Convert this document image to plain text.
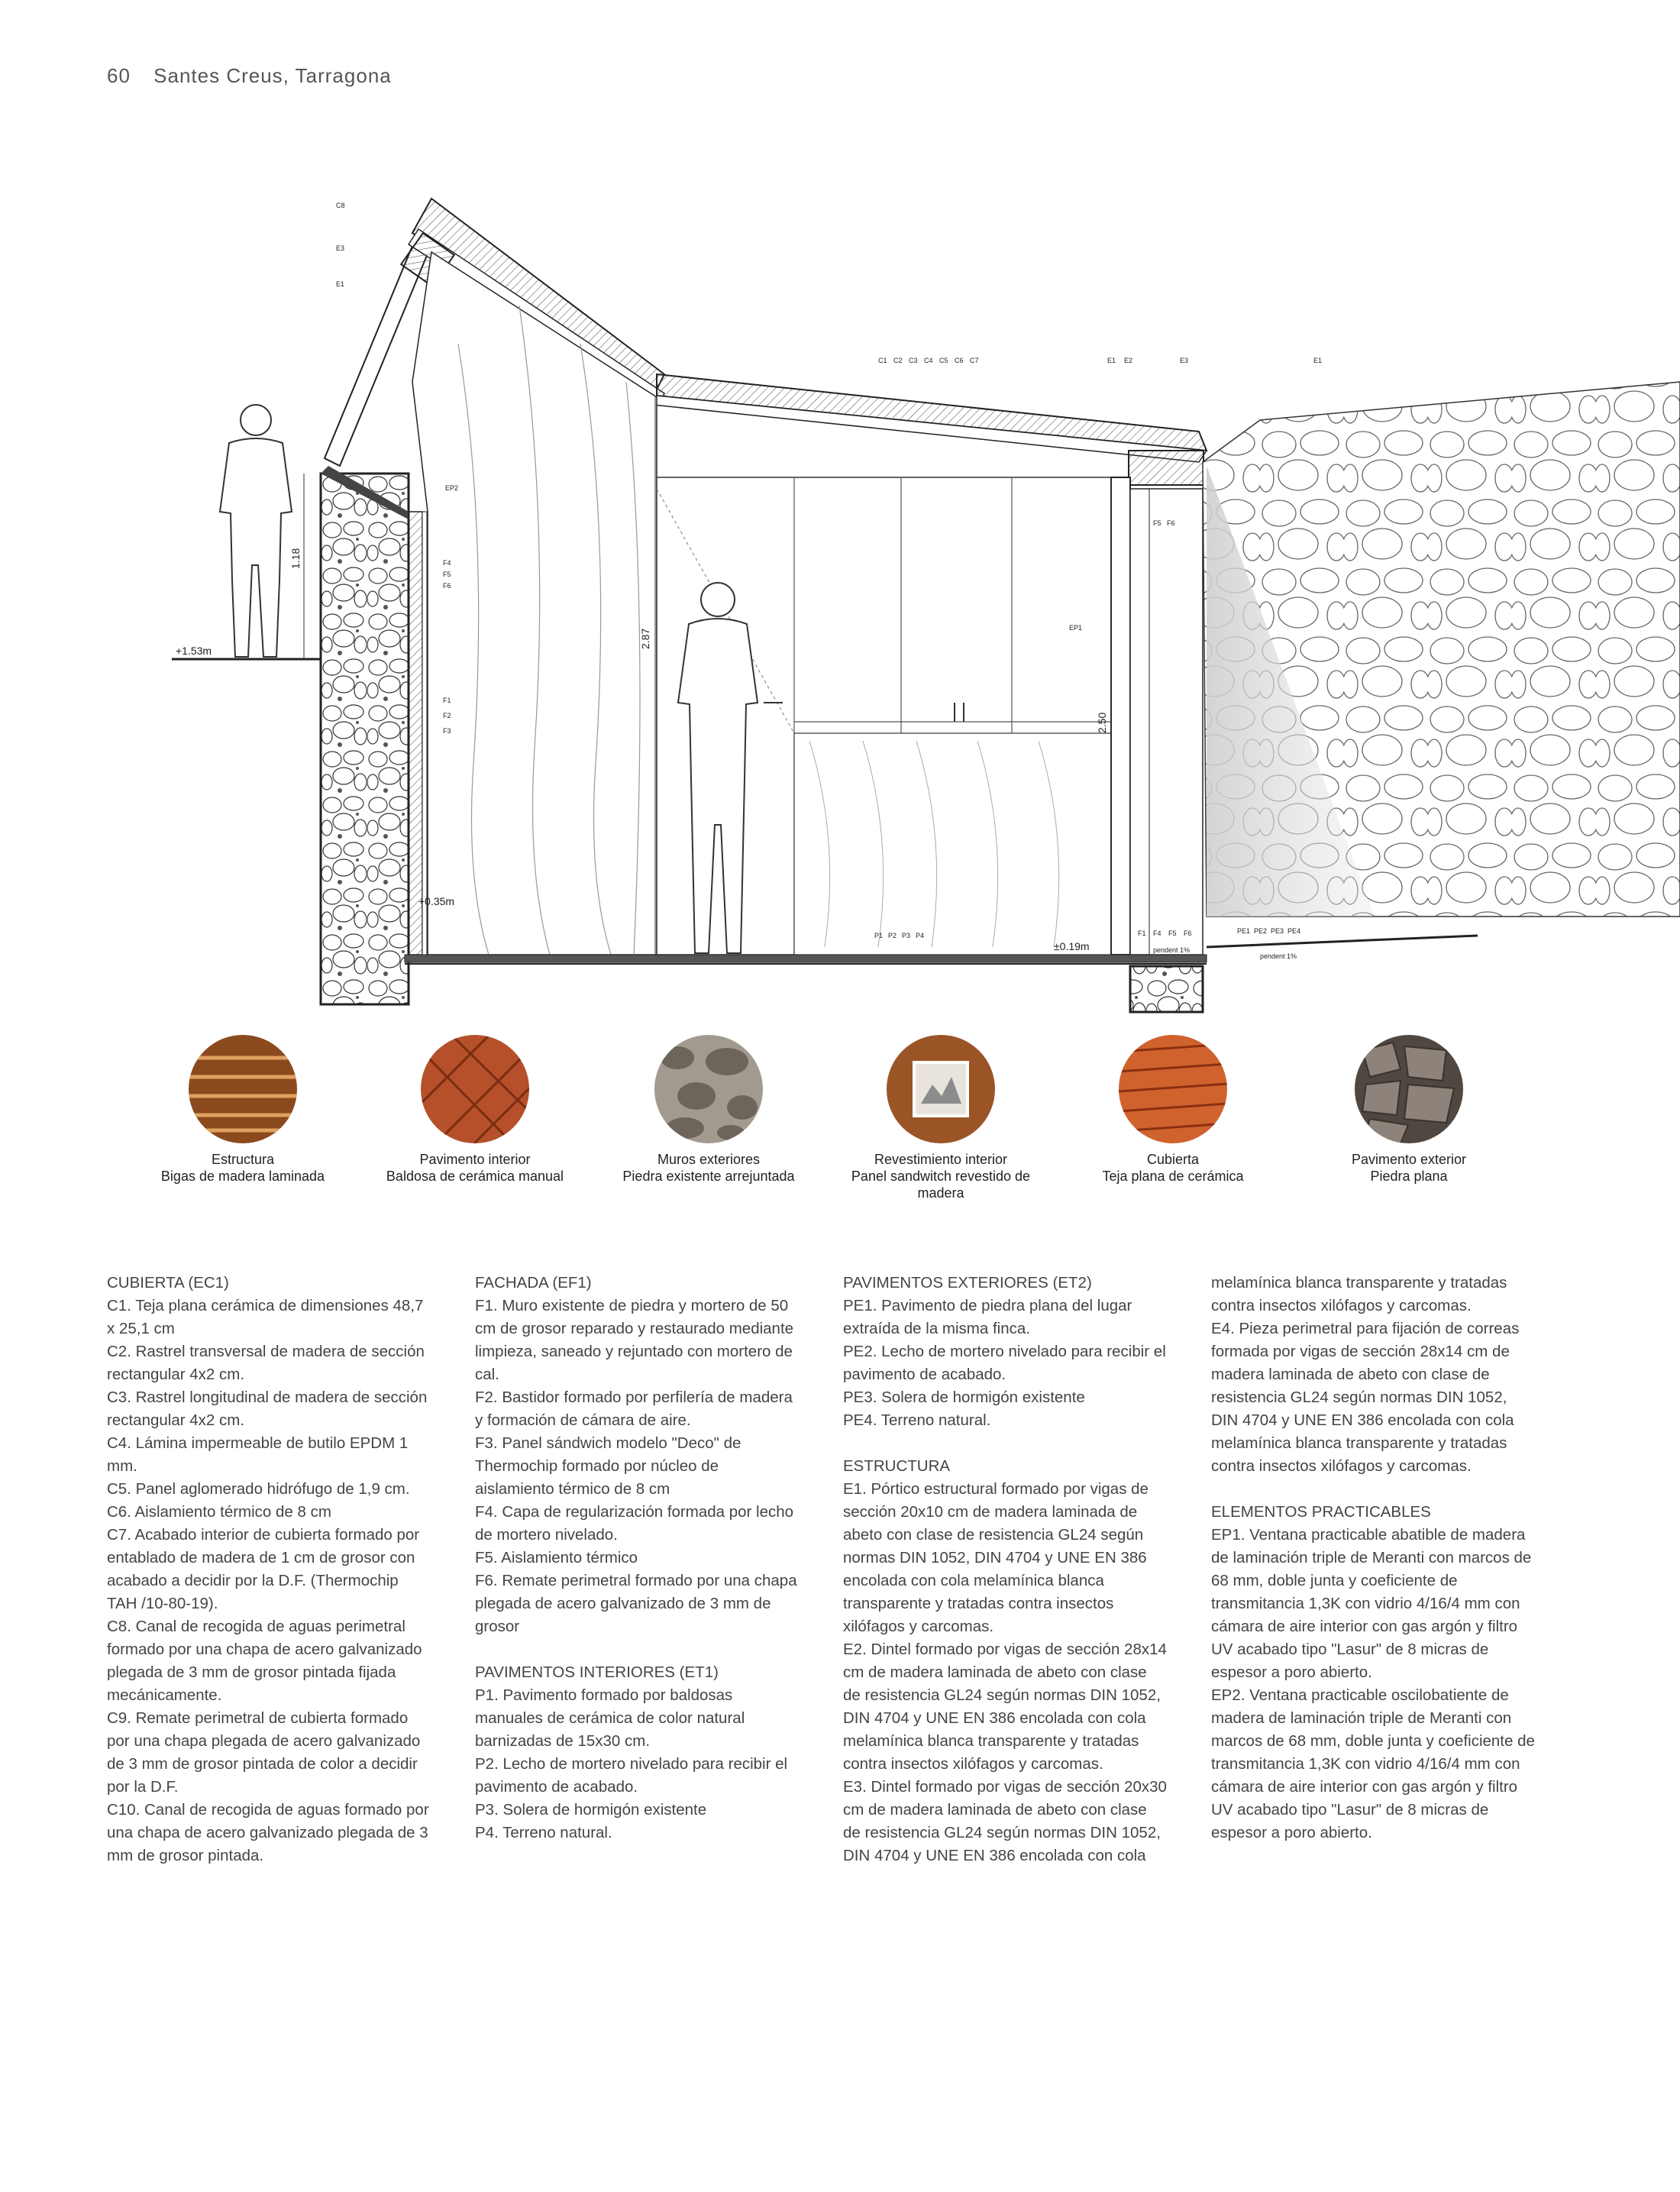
60 Santes Creus, Tarragona
+1.53m
1.18
C8
E3
E1
C1 C2 C3 C4 C5 C6 C7	E1 E2	E3	E1
EP2
F4
F5
F6
F1
F2
F3
+0.35m
2.87
P1 P2 P3 P4
EP1
2.50
F5 F6
F1 F4 F5 F6
±0.19m	pendent 1%
PE1 PE2 PE3 PE4
pendent 1%
Estructura
Bigas de madera laminada
Pavimento interior
Baldosa de cerámica manual
Muros exteriores
Piedra existente arrejuntada
Revestimiento interior
Panel sandwitch revestido de madera
Cubierta
Teja plana de cerámica
Pavimento exterior
Piedra plana
CUBIERTA (EC1)
C1. Teja plana cerámica de dimensiones 48,7 x 25,1 cm
C2. Rastrel transversal de madera de sección rectangular 4x2 cm.
C3. Rastrel longitudinal de madera de sección rectangular 4x2 cm.
C4. Lámina impermeable de butilo EPDM 1 mm.
C5. Panel aglomerado hidrófugo de 1,9 cm.
C6. Aislamiento térmico de 8 cm
C7. Acabado interior de cubierta formado por entablado de madera de 1 cm de grosor con acabado a decidir por la D.F. (Thermochip TAH /10-80-19).
C8. Canal de recogida de aguas perimetral formado por una chapa de acero galvanizado plegada de 3 mm de grosor pintada fijada mecánicamente.
C9. Remate perimetral de cubierta formado por una chapa plegada de acero galvanizado de 3 mm de grosor pintada de color a decidir por la D.F.
C10. Canal de recogida de aguas formado por una chapa de acero galvanizado plegada de 3 mm de grosor pintada.
FACHADA (EF1)
F1. Muro existente de piedra y mortero de 50 cm de grosor reparado y restaurado mediante limpieza, saneado y rejuntado con mortero de cal.
F2. Bastidor formado por perfilería de madera y formación de cámara de aire.
F3. Panel sándwich modelo "Deco" de Thermochip formado por núcleo de aislamiento térmico de 8 cm
F4. Capa de regularización formada por lecho de mortero nivelado.
F5. Aislamiento térmico
F6. Remate perimetral formado por una chapa plegada de acero galvanizado de 3 mm de grosor
PAVIMENTOS INTERIORES (ET1)
P1. Pavimento formado por baldosas manuales de cerámica de color natural barnizadas de 15x30 cm.
P2. Lecho de mortero nivelado para recibir el pavimento de acabado.
P3. Solera de hormigón existente
P4. Terreno natural.
PAVIMENTOS EXTERIORES (ET2)
PE1. Pavimento de piedra plana del lugar extraída de la misma finca.
PE2. Lecho de mortero nivelado para recibir el pavimento de acabado.
PE3. Solera de hormigón existente
PE4. Terreno natural.
ESTRUCTURA
E1. Pórtico estructural formado por vigas de sección 20x10 cm de madera laminada de abeto con clase de resistencia GL24 según normas DIN 1052, DIN 4704 y UNE EN 386 encolada con cola melamínica blanca transparente y tratadas contra insectos xilófagos y carcomas.
E2. Dintel formado por vigas de sección 28x14 cm de madera laminada de abeto con clase de resistencia GL24 según normas DIN 1052, DIN 4704 y UNE EN 386 encolada con cola melamínica blanca transparente y tratadas contra insectos xilófagos y carcomas.
E3. Dintel formado por vigas de sección 20x30 cm de madera laminada de abeto con clase de resistencia GL24 según normas DIN 1052, DIN 4704 y UNE EN 386 encolada con cola
melamínica blanca transparente y tratadas contra insectos xilófagos y carcomas.
E4. Pieza perimetral para fijación de correas formada por vigas de sección 28x14 cm de madera laminada de abeto con clase de resistencia GL24 según normas DIN 1052, DIN 4704 y UNE EN 386 encolada con cola melamínica blanca transparente y tratadas contra insectos xilófagos y carcomas.
ELEMENTOS PRACTICABLES
EP1. Ventana practicable abatible de madera de laminación triple de Meranti con marcos de 68 mm, doble junta y coeficiente de transmitancia 1,3K con vidrio 4/16/4 mm con cámara de aire interior con gas argón y filtro UV acabado tipo "Lasur" de 8 micras de espesor a poro abierto.
EP2. Ventana practicable oscilobatiente de madera de laminación triple de Meranti con marcos de 68 mm, doble junta y coeficiente de transmitancia 1,3K con vidrio 4/16/4 mm con cámara de aire interior con gas argón y filtro UV acabado tipo "Lasur" de 8 micras de espesor a poro abierto.
